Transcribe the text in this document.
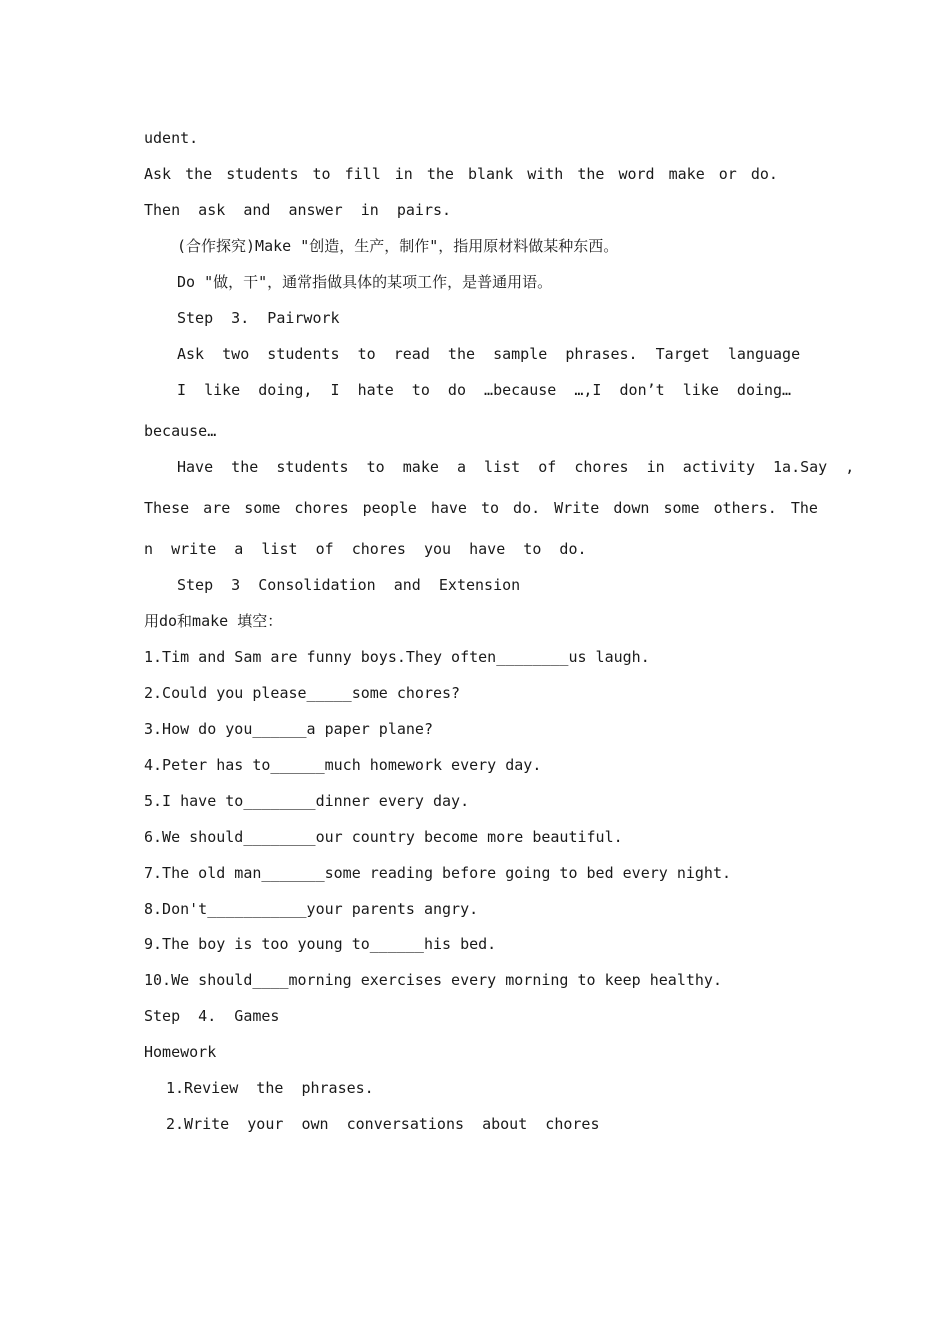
udent.
Ask the students to fill in the blank with the word make or do.
Then  ask  and  answer  in  pairs.
(合作探究)Make "创造，生产，制作"，指用原材料做某种东西。
Do "做，干"，通常指做具体的某项工作，是普通用语。
Step  3.  Pairwork
Ask  two  students  to  read  the  sample  phrases.  Target  language
I  like  doing,  I  hate  to  do  …because  …,I  don’t  like  doing…
because…
Have  the  students  to  make  a  list  of  chores  in  activity  1a.Say  ,
These are some chores people have to do. Write down some others. The
n  write  a  list  of  chores  you  have  to  do.
Step  3  Consolidation  and  Extension
用do和make 填空：
1.Tim and Sam are funny boys.They often________us laugh.
2.Could you please_____some chores?
3.How do you______a paper plane?
4.Peter has to______much homework every day.
5.I have to________dinner every day.
6.We should________our country become more beautiful.
7.The old man_______some reading before going to bed every night.
8.Don't___________your parents angry.
9.The boy is too young to______his bed.
10.We should____morning exercises every morning to keep healthy.
Step  4.  Games
Homework
1.Review  the  phrases.
2.Write  your  own  conversations  about  chores
